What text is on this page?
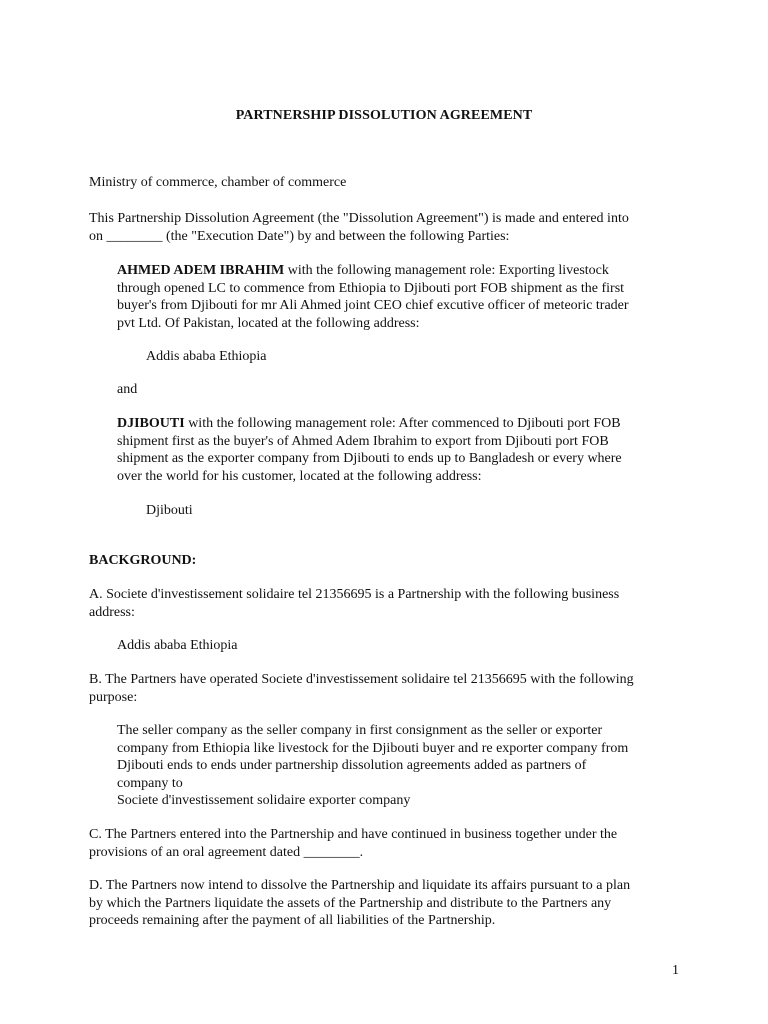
PARTNERSHIP DISSOLUTION AGREEMENT
Ministry of commerce, chamber of commerce
This Partnership Dissolution Agreement (the "Dissolution Agreement") is made and entered into
on ________ (the "Execution Date") by and between the following Parties:
AHMED ADEM IBRAHIM with the following management role: Exporting livestock
through opened LC to commence from Ethiopia to Djibouti port FOB shipment as the first
buyer's from Djibouti for mr Ali Ahmed joint CEO chief excutive officer of meteoric trader
pvt Ltd. Of Pakistan, located at the following address:
Addis ababa Ethiopia
and
DJIBOUTI with the following management role: After commenced to Djibouti port FOB
shipment first as the buyer's of Ahmed Adem Ibrahim to export from Djibouti port FOB
shipment as the exporter company from Djibouti to ends up to Bangladesh or every where
over the world for his customer, located at the following address:
Djibouti
BACKGROUND:
A. Societe d'investissement solidaire tel 21356695 is a Partnership with the following business
address:
Addis ababa Ethiopia
B. The Partners have operated Societe d'investissement solidaire tel 21356695 with the following
purpose:
The seller company as the seller company in first consignment as the seller or exporter
company from Ethiopia like livestock for the Djibouti buyer and re exporter company from
Djibouti ends to ends under partnership dissolution agreements added as partners of
company to
Societe d'investissement solidaire exporter company
C. The Partners entered into the Partnership and have continued in business together under the
provisions of an oral agreement dated ________.
D. The Partners now intend to dissolve the Partnership and liquidate its affairs pursuant to a plan
by which the Partners liquidate the assets of the Partnership and distribute to the Partners any
proceeds remaining after the payment of all liabilities of the Partnership.
1
